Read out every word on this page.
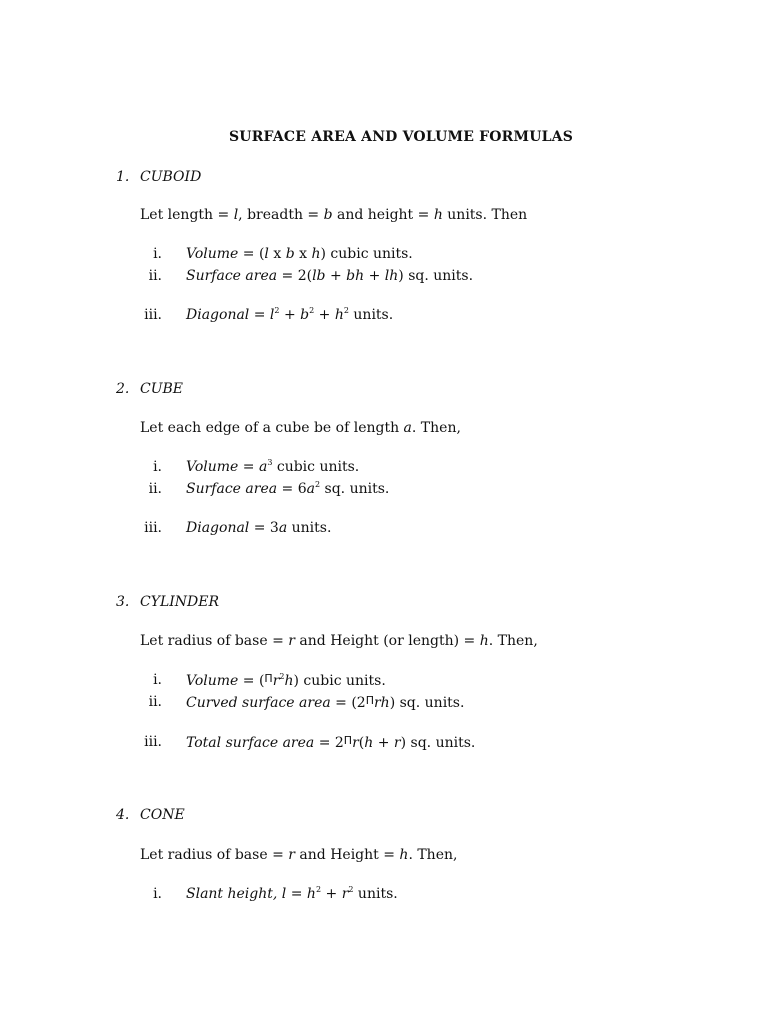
SURFACE AREA AND VOLUME FORMULAS
1. CUBOID
Let length = l, breadth = b and height = h units. Then
i. Volume = (l x b x h) cubic units.
ii. Surface area = 2(lb + bh + lh) sq. units.
iii. Diagonal = $l^2 + b^2 + h^2$ units.
2. CUBE
Let each edge of a cube be of length a. Then,
i. Volume = $a^3$ cubic units.
ii. Surface area = $6a^2$ sq. units.
iii. Diagonal = 3a units.
3. CYLINDER
Let radius of base = r and Height (or length) = h. Then,
i. Volume = $(^\Pi r^2h)$ cubic units.
ii. Curved surface area = $(2^\Pi rh)$ sq. units.
iii. Total surface area = $2^\Pi r(h + r)$ sq. units.
4. CONE
Let radius of base = r and Height = h. Then,
i. Slant height, $l = h^2 + r^2$ units.
